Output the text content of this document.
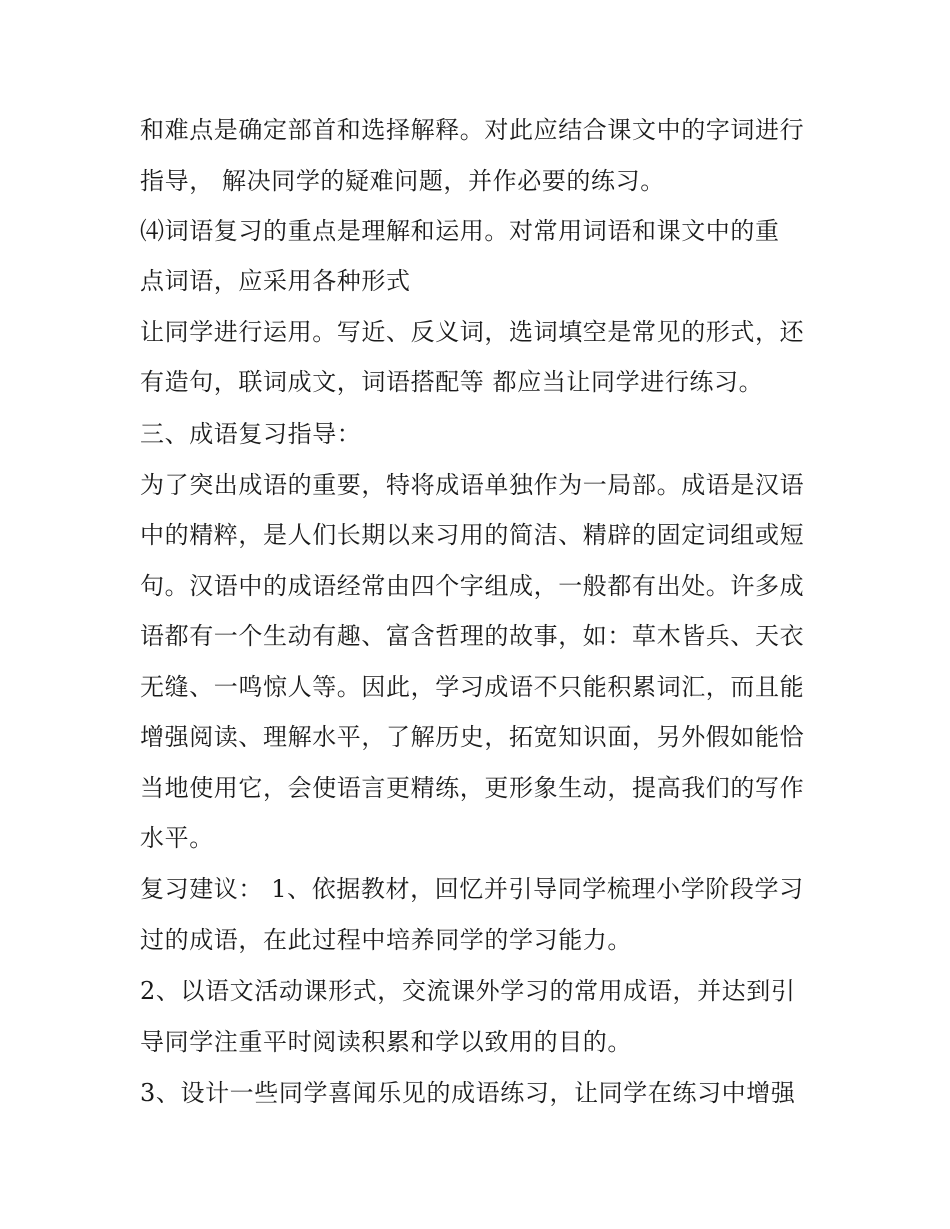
和难点是确定部首和选择解释。对此应结合课文中的字词进行
指导， 解决同学的疑难问题，并作必要的练习。
⑷词语复习的重点是理解和运用。对常用词语和课文中的重
点词语，应采用各种形式
让同学进行运用。写近、反义词，选词填空是常见的形式，还
有造句，联词成文，词语搭配等 都应当让同学进行练习。
三、成语复习指导：
为了突出成语的重要，特将成语单独作为一局部。成语是汉语
中的精粹，是人们长期以来习用的简洁、精辟的固定词组或短
句。汉语中的成语经常由四个字组成，一般都有出处。许多成
语都有一个生动有趣、富含哲理的故事，如：草木皆兵、天衣
无缝、一鸣惊人等。因此，学习成语不只能积累词汇，而且能
增强阅读、理解水平，了解历史，拓宽知识面，另外假如能恰
当地使用它，会使语言更精练，更形象生动，提高我们的写作
水平。
复习建议： 1、依据教材，回忆并引导同学梳理小学阶段学习
过的成语，在此过程中培养同学的学习能力。
2、以语文活动课形式，交流课外学习的常用成语，并达到引
导同学注重平时阅读积累和学以致用的目的。
3、设计一些同学喜闻乐见的成语练习，让同学在练习中增强
